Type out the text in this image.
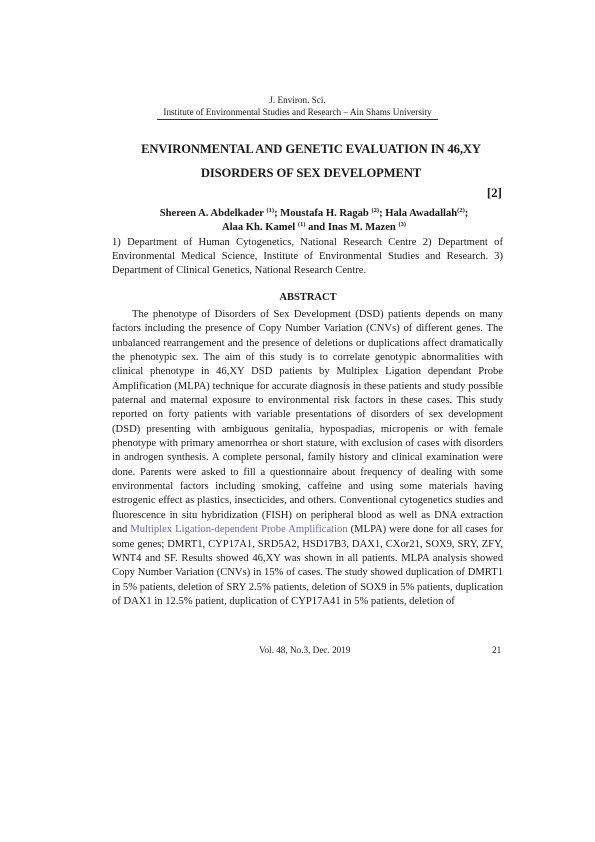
J. Environ. Sci.
Institute of Environmental Studies and Research – Ain Shams University
ENVIRONMENTAL AND GENETIC EVALUATION IN 46,XY
DISORDERS OF SEX DEVELOPMENT
[2]
Shereen A. Abdelkader $^{(1)}$; Moustafa H. Ragab $^{(2)}$; Hala Awadallah$^{(2)}$;
Alaa Kh. Kamel $^{(1)}$ and Inas M. Mazen $^{(3)}$
1) Department of Human Cytogenetics, National Research Centre 2) Department of Environmental Medical Science, Institute of Environmental Studies and Research. 3) Department of Clinical Genetics, National Research Centre.
ABSTRACT

The phenotype of Disorders of Sex Development (DSD) patients depends on many factors including the presence of Copy Number Variation (CNVs) of different genes. The unbalanced rearrangement and the presence of deletions or duplications affect dramatically the phenotypic sex. The aim of this study is to correlate genotypic abnormalities with clinical phenotype in 46,XY DSD patients by Multiplex Ligation dependant Probe Amplification (MLPA) technique for accurate diagnosis in these patients and study possible paternal and maternal exposure to environmental risk factors in these cases. This study reported on forty patients with variable presentations of disorders of sex development (DSD) presenting with ambiguous genitalia, hypospadias, micropenis or with female phenotype with primary amenorrhea or short stature, with exclusion of cases with disorders in androgen synthesis. A complete personal, family history and clinical examination were done. Parents were asked to fill a questionnaire about frequency of dealing with some environmental factors including smoking, caffeine and using some materials having estrogenic effect as plastics, insecticides, and others. Conventional cytogenetics studies and fluorescence in situ hybridization (FISH) on peripheral blood as well as DNA extraction and Multiplex Ligation-dependent Probe Amplification (MLPA) were done for all cases for some genes; DMRT1, CYP17A1, SRD5A2, HSD17B3, DAX1, CXor21, SOX9, SRY, ZFY, WNT4 and SF. Results showed 46,XY was shown in all patients. MLPA analysis showed Copy Number Variation (CNVs) in 15% of cases. The study showed duplication of DMRT1 in 5% patients, deletion of SRY 2.5% patients, deletion of SOX9 in 5% patients, duplication of DAX1 in 12.5% patient, duplication of CYP17A41 in 5% patients, deletion of

Vol. 48, No.3, Dec. 2019	21
